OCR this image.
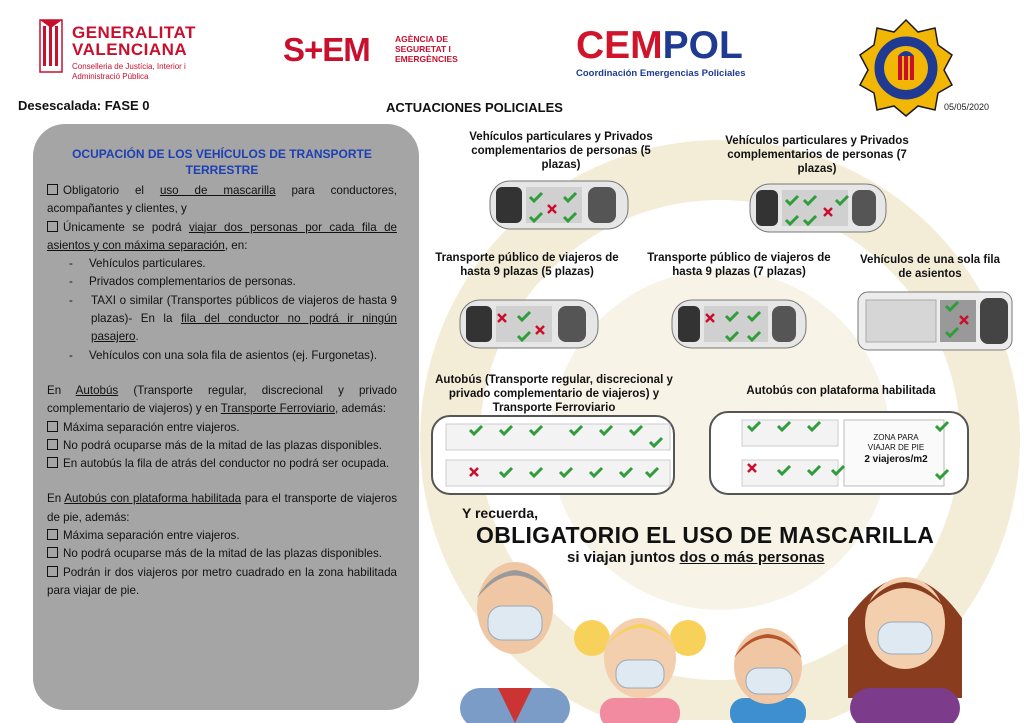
GENERALITAT
VALENCIANA
Conselleria de Justícia, Interior i Administració Pública
S+EM	AGÈNCIA DE SEGURETAT I EMERGÈNCIES	CEMPOL
Coordinación Emergencias Policiales
05/05/2020
Desescalada: FASE 0	ACTUACIONES POLICIALES

OCUPACIÓN DE LOS VEHÍCULOS DE TRANSPORTE TERRESTRE

Obligatorio el uso de mascarilla para conductores, acompañantes y clientes, y

Únicamente se podrá viajar dos personas por cada fila de asientos y con máxima separación, en:

-     Vehículos particulares.

-     Privados complementarios de personas.

-     TAXI o similar (Transportes públicos de viajeros de hasta 9 plazas)- En la fila del conductor no podrá ir ningún pasajero.

-     Vehículos con una sola fila de asientos (ej. Furgonetas).

En Autobús (Transporte regular, discrecional y privado complementario de viajeros) y en Transporte Ferroviario, además:

Máxima separación entre viajeros.

No podrá ocuparse más de la mitad de las plazas disponibles.

En autobús la fila de atrás del conductor no podrá ser ocupada.

En Autobús con plataforma habilitada para el transporte de viajeros de pie, además:

Máxima separación entre viajeros.

No podrá ocuparse más de la mitad de las plazas disponibles.

Podrán ir dos viajeros por metro cuadrado en la zona habilitada para viajar de pie.

Vehículos particulares y Privados complementarios de personas (5 plazas)
Vehículos particulares y Privados complementarios de personas (7 plazas)
Transporte público de viajeros de hasta 9 plazas (5 plazas)
Transporte público de viajeros de hasta 9 plazas (7 plazas)
Vehículos de una sola fila de asientos
Autobús (Transporte regular, discrecional y privado complementario de viajeros) y Transporte Ferroviario
Autobús con plataforma habilitada
ZONA PARA
VIAJAR DE PIE
2 viajeros/m2
Y recuerda,
OBLIGATORIO EL USO DE MASCARILLA
si viajan juntos dos o más personas
